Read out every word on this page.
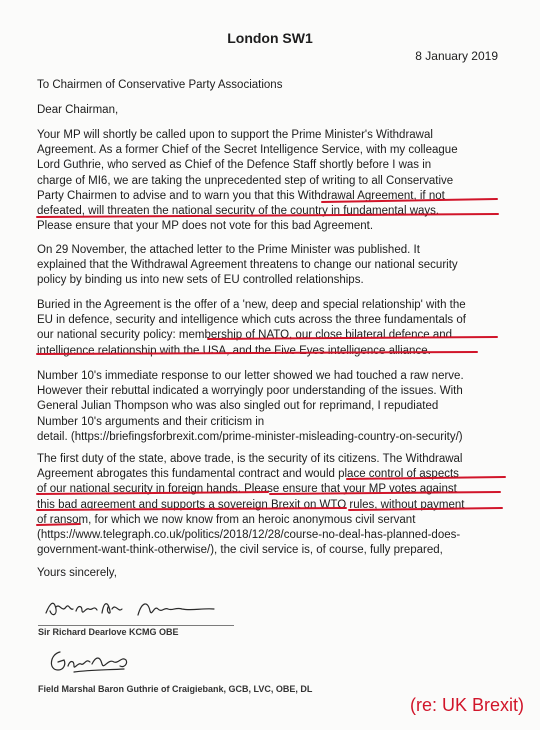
London SW1
8 January 2019
To Chairmen of Conservative Party Associations
Dear Chairman,
Your MP will shortly be called upon to support the Prime Minister's Withdrawal
Agreement. As a former Chief of the Secret Intelligence Service, with my colleague
Lord Guthrie, who served as Chief of the Defence Staff shortly before I was in
charge of MI6, we are taking the unprecedented step of writing to all Conservative
Party Chairmen to advise and to warn you that this Withdrawal Agreement, if not
defeated, will threaten the national security of the country in fundamental ways.
Please ensure that your MP does not vote for this bad Agreement.
On 29 November, the attached letter to the Prime Minister was published. It
explained that the Withdrawal Agreement threatens to change our national security
policy by binding us into new sets of EU controlled relationships.
Buried in the Agreement is the offer of a 'new, deep and special relationship' with the
EU in defence, security and intelligence which cuts across the three fundamentals of
our national security policy: membership of NATO, our close bilateral defence and
intelligence relationship with the USA, and the Five Eyes intelligence alliance.
Number 10's immediate response to our letter showed we had touched a raw nerve.
However their rebuttal indicated a worryingly poor understanding of the issues. With
General Julian Thompson who was also singled out for reprimand, I repudiated
Number 10's arguments and their criticism in
detail. (https://briefingsforbrexit.com/prime-minister-misleading-country-on-security/)
The first duty of the state, above trade, is the security of its citizens. The Withdrawal
Agreement abrogates this fundamental contract and would place control of aspects
of our national security in foreign hands. Please ensure that your MP votes against
this bad agreement and supports a sovereign Brexit on WTO rules, without payment
of ransom, for which we now know from an heroic anonymous civil servant
(https://www.telegraph.co.uk/politics/2018/12/28/course-no-deal-has-planned-does-
government-want-think-otherwise/), the civil service is, of course, fully prepared,
Yours sincerely,
Sir Richard Dearlove KCMG OBE
Field Marshal Baron Guthrie of Craigiebank, GCB, LVC, OBE, DL
(re: UK Brexit)
